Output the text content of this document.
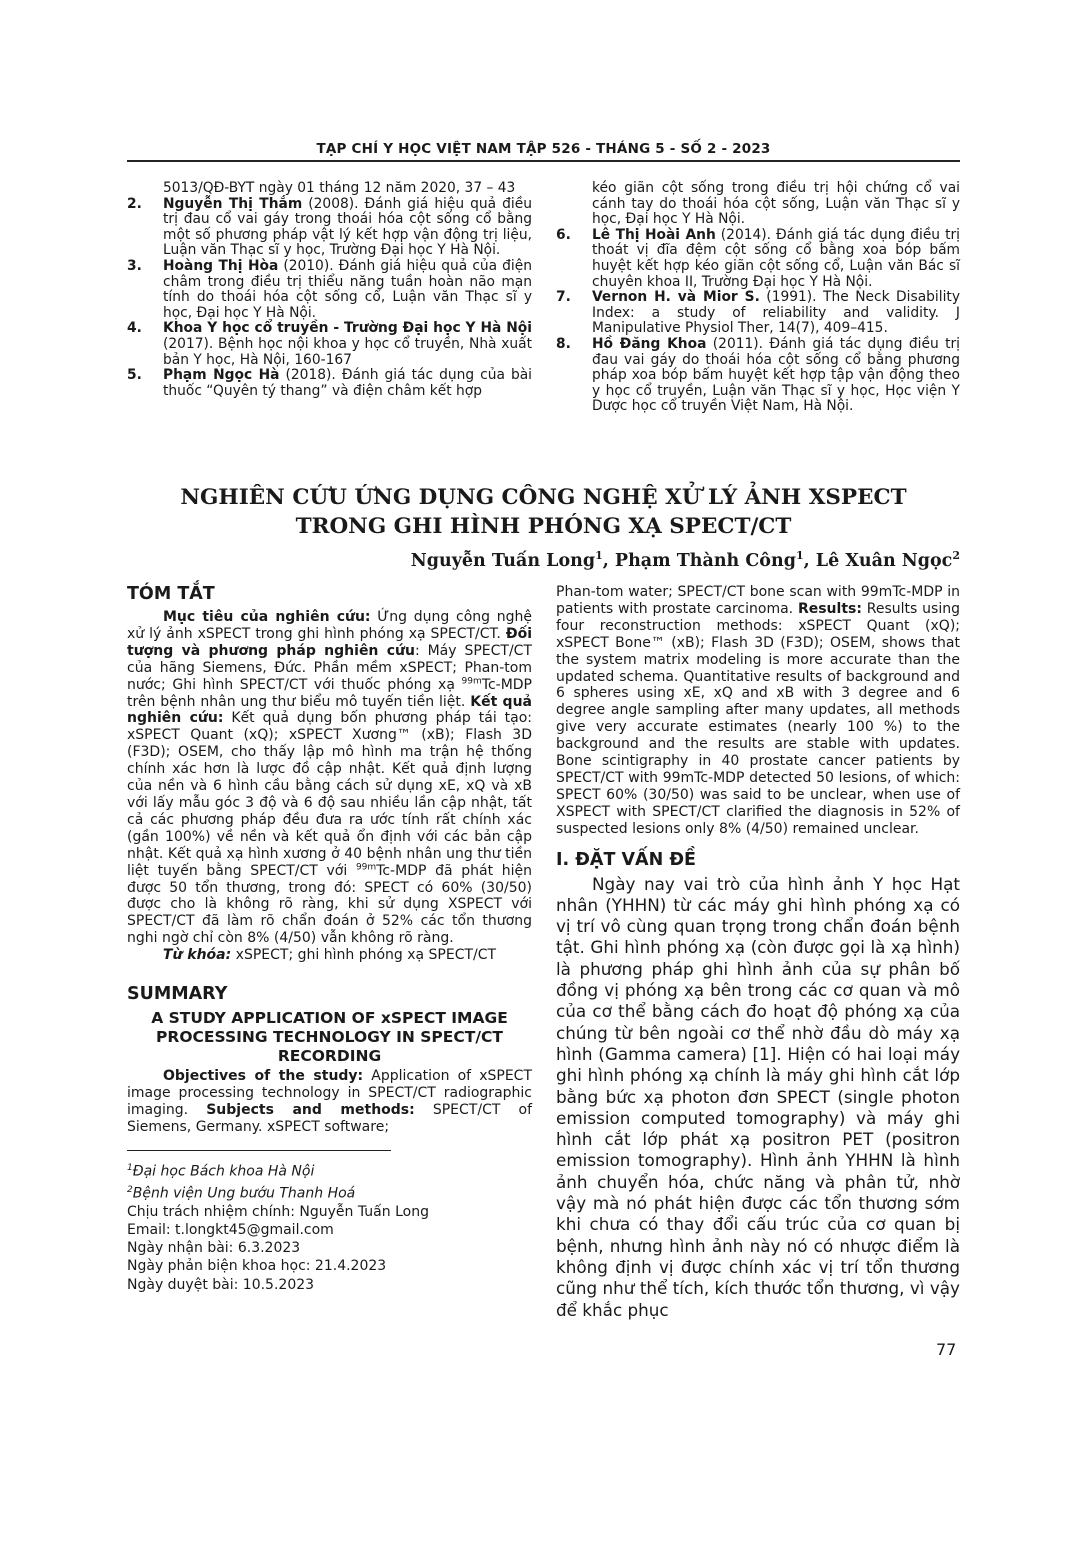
TẠP CHÍ Y HỌC VIỆT NAM TẬP 526 - THÁNG 5 - SỐ 2 - 2023
5013/QĐ-BYT ngày 01 tháng 12 năm 2020, 37 – 43
2.	Nguyễn Thị Thắm (2008). Đánh giá hiệu quả điều trị đau cổ vai gáy trong thoái hóa cột sống cổ bằng một số phương pháp vật lý kết hợp vận động trị liệu, Luận văn Thạc sĩ y học, Trường Đại học Y Hà Nội.
3.	Hoàng Thị Hòa (2010). Đánh giá hiệu quả của điện châm trong điều trị thiểu năng tuần hoàn não mạn tính do thoái hóa cột sống cổ, Luận văn Thạc sĩ y học, Đại học Y Hà Nội.
4.	Khoa Y học cổ truyền - Trường Đại học Y Hà Nội (2017). Bệnh học nội khoa y học cổ truyền, Nhà xuất bản Y học, Hà Nội, 160-167
5.	Phạm Ngọc Hà (2018). Đánh giá tác dụng của bài thuốc “Quyên tý thang” và điện châm kết hợp
kéo giãn cột sống trong điều trị hội chứng cổ vai cánh tay do thoái hóa cột sống, Luận văn Thạc sĩ y học, Đại học Y Hà Nội.
6.	Lê Thị Hoài Anh (2014). Đánh giá tác dụng điều trị thoát vị đĩa đệm cột sống cổ bằng xoa bóp bấm huyệt kết hợp kéo giãn cột sống cổ, Luận văn Bác sĩ chuyên khoa II, Trường Đại học Y Hà Nội.
7.	Vernon H. và Mior S. (1991). The Neck Disability Index: a study of reliability and validity. J Manipulative Physiol Ther, 14(7), 409–415.
8.	Hồ Đăng Khoa (2011). Đánh giá tác dụng điều trị đau vai gáy do thoái hóa cột sống cổ bằng phương pháp xoa bóp bấm huyệt kết hợp tập vận động theo y học cổ truyền, Luận văn Thạc sĩ y học, Học viện Y Dược học cổ truyền Việt Nam, Hà Nội.
NGHIÊN CỨU ỨNG DỤNG CÔNG NGHỆ XỬ LÝ ẢNH XSPECT
TRONG GHI HÌNH PHÓNG XẠ SPECT/CT
Nguyễn Tuấn Long$^1$, Phạm Thành Công$^1$, Lê Xuân Ngọc$^2$
TÓM TẮT

Mục tiêu của nghiên cứu: Ứng dụng công nghệ xử lý ảnh xSPECT trong ghi hình phóng xạ SPECT/CT. Đối tượng và phương pháp nghiên cứu: Máy SPECT/CT của hãng Siemens, Đức. Phần mềm xSPECT; Phan-tom nước; Ghi hình SPECT/CT với thuốc phóng xạ $^{99m}$Tc-MDP trên bệnh nhân ung thư biểu mô tuyến tiền liệt. Kết quả nghiên cứu: Kết quả dụng bốn phương pháp tái tạo: xSPECT Quant (xQ); xSPECT Xương™ (xB); Flash 3D (F3D); OSEM, cho thấy lập mô hình ma trận hệ thống chính xác hơn là lược đồ cập nhật. Kết quả định lượng của nền và 6 hình cầu bằng cách sử dụng xE, xQ và xB với lấy mẫu góc 3 độ và 6 độ sau nhiều lần cập nhật, tất cả các phương pháp đều đưa ra ước tính rất chính xác (gần 100%) về nền và kết quả ổn định với các bản cập nhật. Kết quả xạ hình xương ở 40 bệnh nhân ung thư tiền liệt tuyến bằng SPECT/CT với $^{99m}$Tc-MDP đã phát hiện được 50 tổn thương, trong đó: SPECT có 60% (30/50) được cho là không rõ ràng, khi sử dụng XSPECT với SPECT/CT đã làm rõ chẩn đoán ở 52% các tổn thương nghi ngờ chỉ còn 8% (4/50) vẫn không rõ ràng.

Từ khóa: xSPECT; ghi hình phóng xạ SPECT/CT
SUMMARY
A STUDY APPLICATION OF xSPECT IMAGE PROCESSING TECHNOLOGY IN SPECT/CT RECORDING

Objectives of the study: Application of xSPECT image processing technology in SPECT/CT radiographic imaging. Subjects and methods: SPECT/CT of Siemens, Germany. xSPECT software;

$^1$Đại học Bách khoa Hà Nội
$^2$Bệnh viện Ung bướu Thanh Hoá
Chịu trách nhiệm chính: Nguyễn Tuấn Long
Email: t.longkt45@gmail.com
Ngày nhận bài: 6.3.2023
Ngày phản biện khoa học: 21.4.2023
Ngày duyệt bài: 10.5.2023

Phan-tom water; SPECT/CT bone scan with 99mTc-MDP in patients with prostate carcinoma. Results: Results using four reconstruction methods: xSPECT Quant (xQ); xSPECT Bone™ (xB); Flash 3D (F3D); OSEM, shows that the system matrix modeling is more accurate than the updated schema. Quantitative results of background and 6 spheres using xE, xQ and xB with 3 degree and 6 degree angle sampling after many updates, all methods give very accurate estimates (nearly 100 %) to the background and the results are stable with updates. Bone scintigraphy in 40 prostate cancer patients by SPECT/CT with 99mTc-MDP detected 50 lesions, of which: SPECT 60% (30/50) was said to be unclear, when use of XSPECT with SPECT/CT clarified the diagnosis in 52% of suspected lesions only 8% (4/50) remained unclear.

I. ĐẶT VẤN ĐỀ

Ngày nay vai trò của hình ảnh Y học Hạt nhân (YHHN) từ các máy ghi hình phóng xạ có vị trí vô cùng quan trọng trong chẩn đoán bệnh tật. Ghi hình phóng xạ (còn được gọi là xạ hình) là phương pháp ghi hình ảnh của sự phân bố đồng vị phóng xạ bên trong các cơ quan và mô của cơ thể bằng cách đo hoạt độ phóng xạ của chúng từ bên ngoài cơ thể nhờ đầu dò máy xạ hình (Gamma camera) [1]. Hiện có hai loại máy ghi hình phóng xạ chính là máy ghi hình cắt lớp bằng bức xạ photon đơn SPECT (single photon emission computed tomography) và máy ghi hình cắt lớp phát xạ positron PET (positron emission tomography). Hình ảnh YHHN là hình ảnh chuyển hóa, chức năng và phân tử, nhờ vậy mà nó phát hiện được các tổn thương sớm khi chưa có thay đổi cấu trúc của cơ quan bị bệnh, nhưng hình ảnh này nó có nhược điểm là không định vị được chính xác vị trí tổn thương cũng như thể tích, kích thước tổn thương, vì vậy để khắc phục

77
